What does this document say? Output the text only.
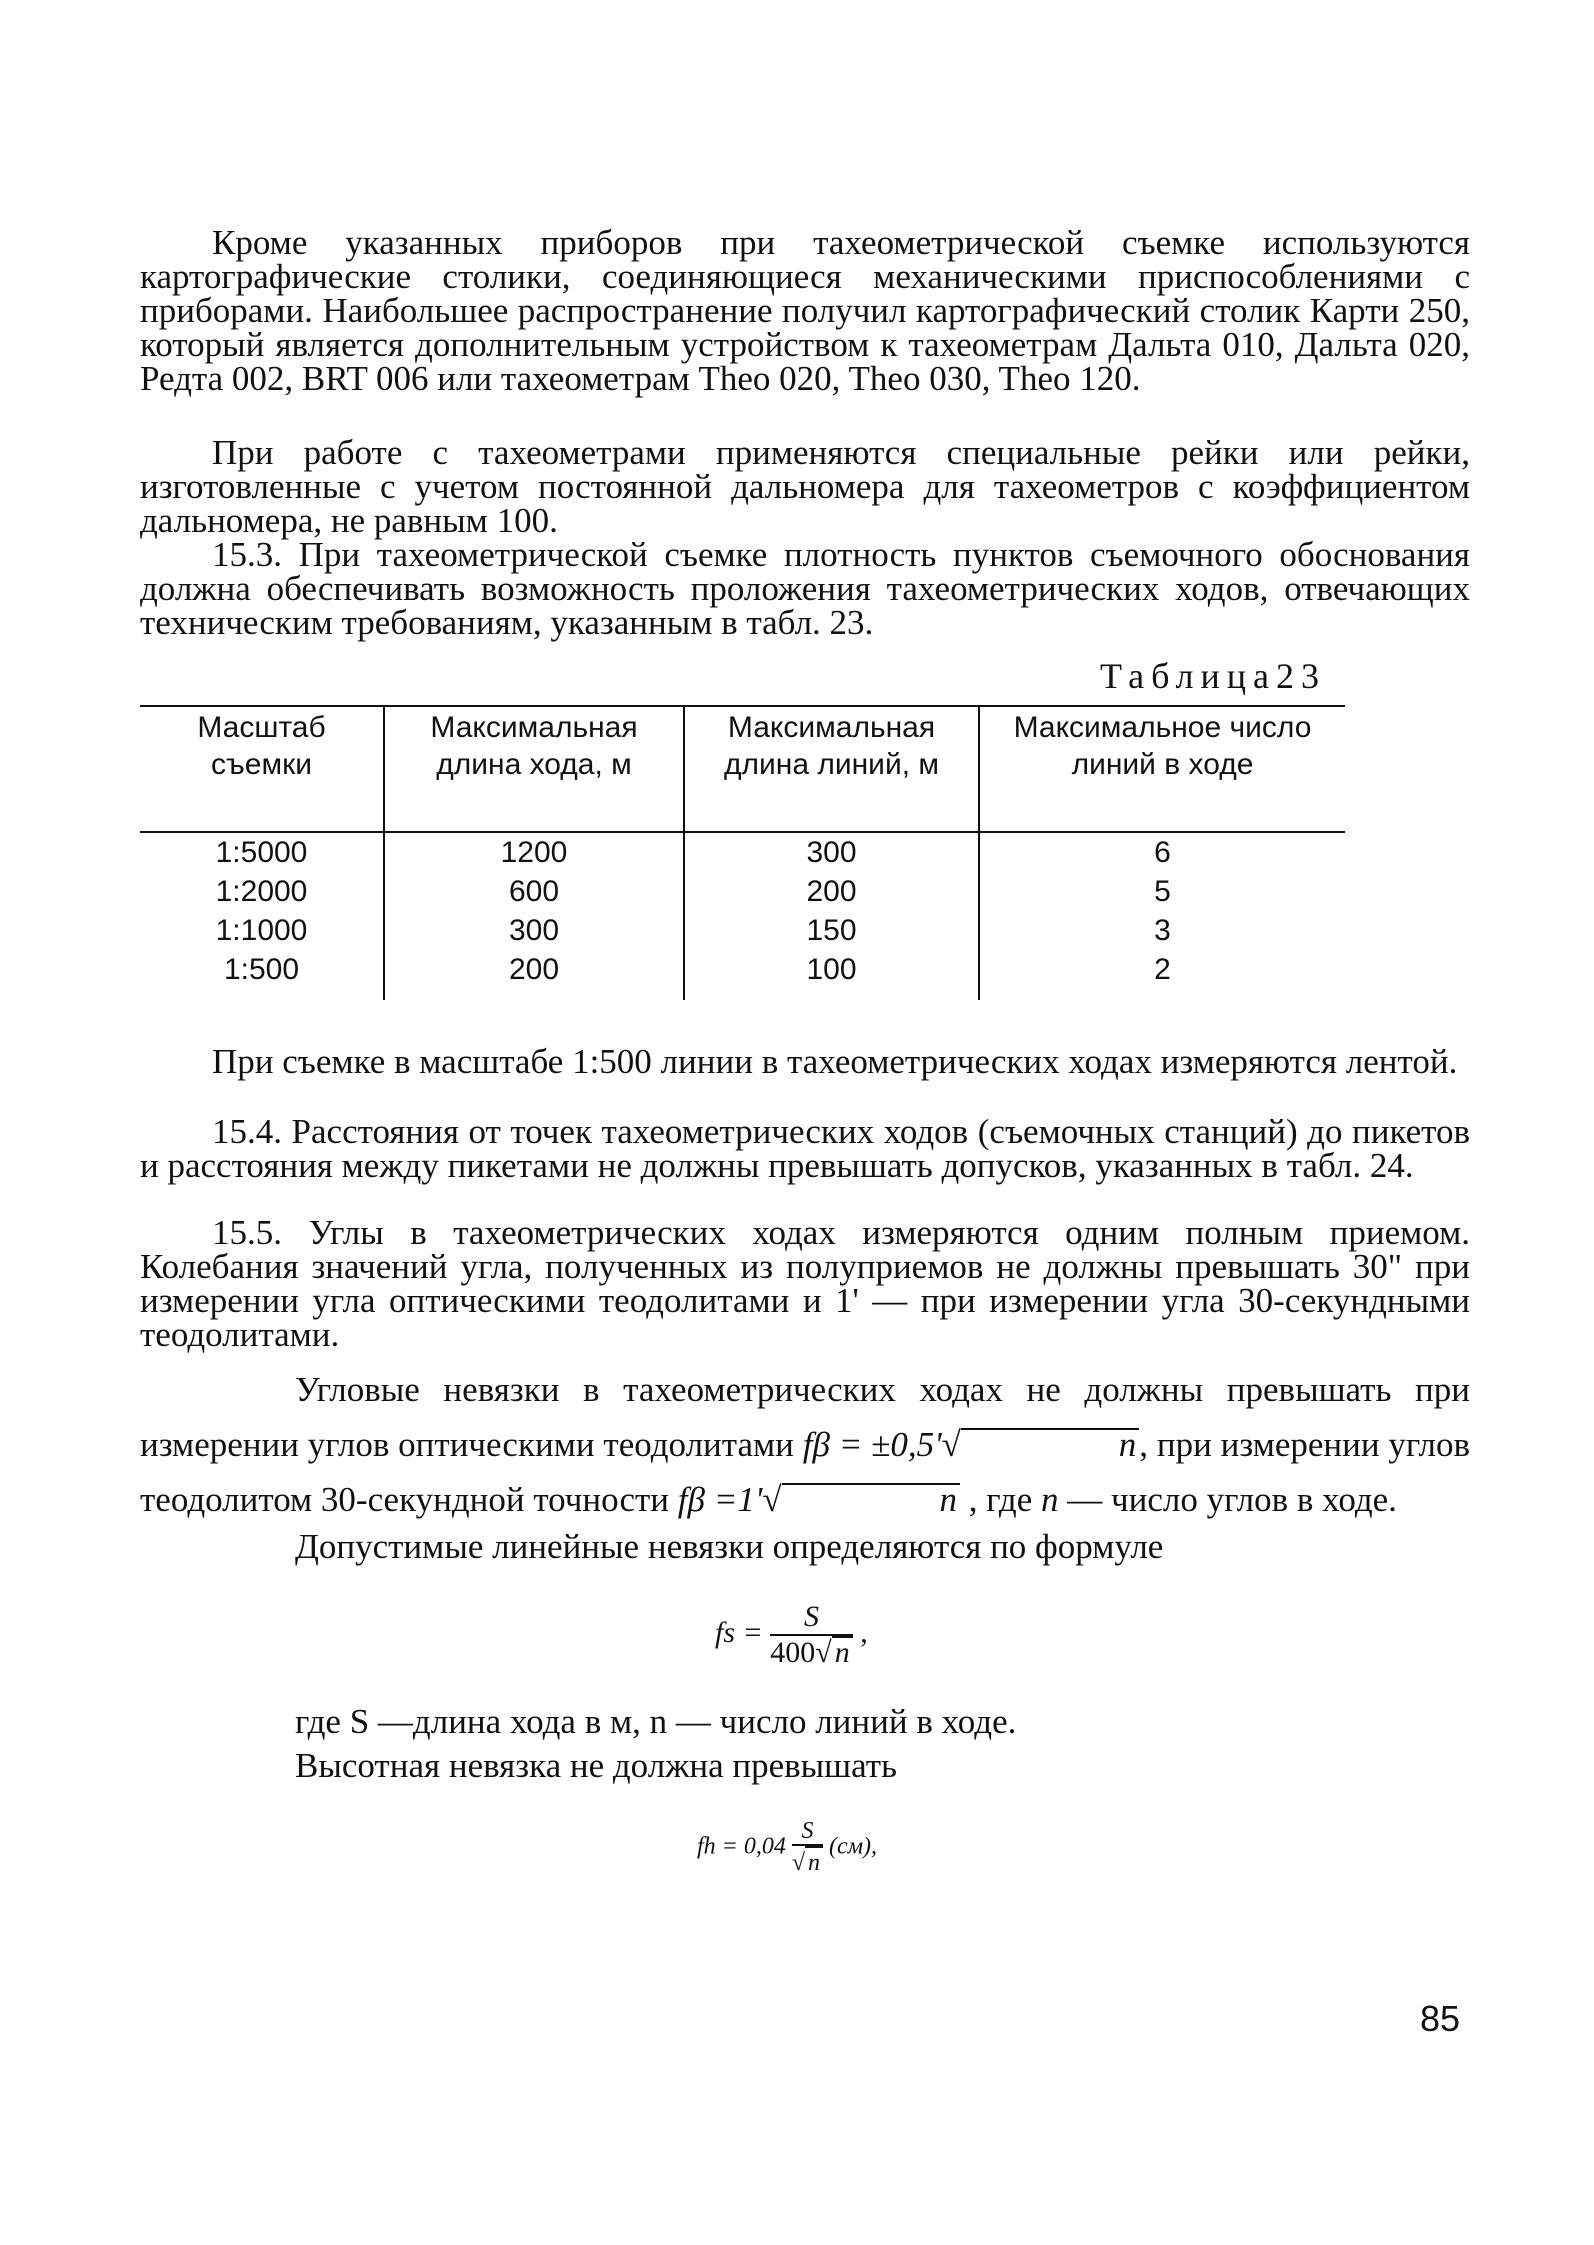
Кроме указанных приборов при тахеометрической съемке используются картографические столики, соединяющиеся механическими приспособлениями с приборами. Наибольшее распространение получил картографический столик Карти 250, который является дополнительным устройством к тахеометрам Дальта 010, Дальта 020, Редта 002, BRT 006 или тахеометрам Theo 020, Theo 030, Theo 120.
При работе с тахеометрами применяются специальные рейки или рейки, изготовленные с учетом постоянной дальномера для тахеометров с коэффициентом дальномера, не равным 100.
15.3. При тахеометрической съемке плотность пунктов съемочного обоснования должна обеспечивать возможность проложения тахеометрических ходов, отвечающих техническим требованиям, указанным в табл. 23.
Таблица23
Масштаб съемки	Максимальная длина хода, м	Максимальная длина линий, м	Максимальное число линий в ходе
1:5000	1200	300	6
1:2000	600	200	5
1:1000	300	150	3
1:500	200	100	2
При съемке в масштабе 1:500 линии в тахеометрических ходах измеряются лентой.
15.4. Расстояния от точек тахеометрических ходов (съемочных станций) до пикетов и расстояния между пикетами не должны превышать допусков, указанных в табл. 24.
15.5. Углы в тахеометрических ходах измеряются одним полным приемом. Колебания значений угла, полученных из полуприемов не должны превышать 30" при измерении угла оптическими теодолитами и 1' — при измерении угла 30-секундными теодолитами.
Угловые невязки в тахеометрических ходах не должны превышать при измерении углов оптическими теодолитами fβ = ±0,5'√	n, при измерении углов теодолитом 30-секундной точности fβ =1'√	n , где n — число углов в ходе.
Допустимые линейные невязки определяются по формуле
fs = $\frac{S}{400√ n}$ ,
где S —длина хода в м, n — число линий в ходе.
Высотная невязка не должна превышать
fh = $0,04 \frac{S}{√ n} (см)$,
85
